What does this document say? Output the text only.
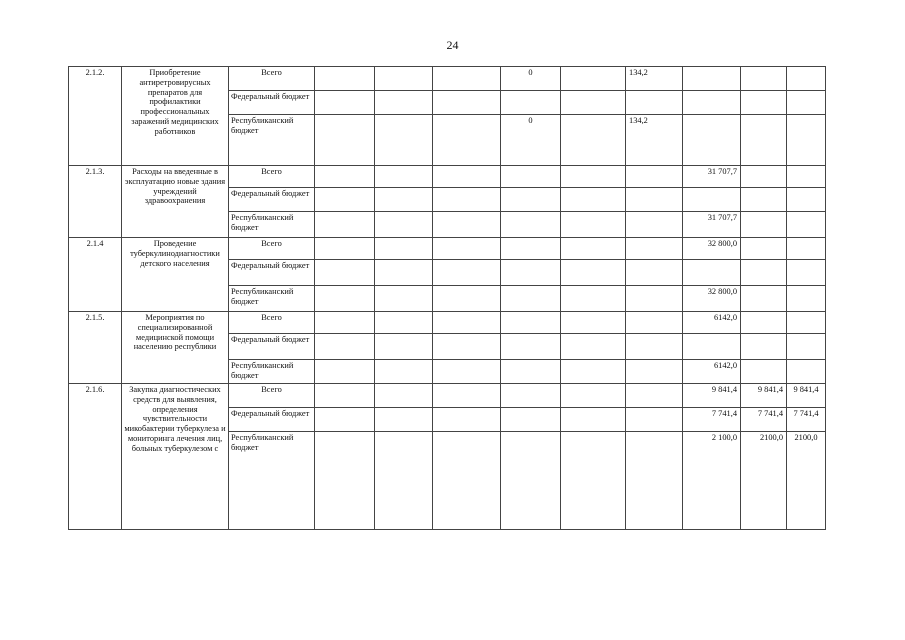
24
2.1.2.	Приобретение антиретровирусных препаратов для профилактики профессиональных заражений медицинских работников	Всего				0		134,2			
		Федеральный бюджет									
		Республиканский бюджет				0		134,2			
2.1.3.	Расходы на введенные в эксплуатацию новые здания учреждений здравоохранения	Всего							31 707,7		
		Федеральный бюджет									
		Республиканский бюджет							31 707,7		
2.1.4	Проведение туберкулинодиагностики детского населения	Всего							32 800,0		
		Федеральный бюджет									
		Республиканский бюджет							32 800,0		
2.1.5.	Мероприятия по специализированной медицинской помощи населению республики	Всего							6142,0		
		Федеральный бюджет									
		Республиканский бюджет							6142,0		
2.1.6.	Закупка диагностических средств для выявления, определения чувствительности микобактерии туберкулеза и мониторинга лечения лиц, больных туберкулезом с	Всего							9 841,4	9 841,4	9 841,4
		Федеральный бюджет							7 741,4	7 741,4	7 741,4
		Республиканский бюджет							2 100,0	2100,0	2100,0
